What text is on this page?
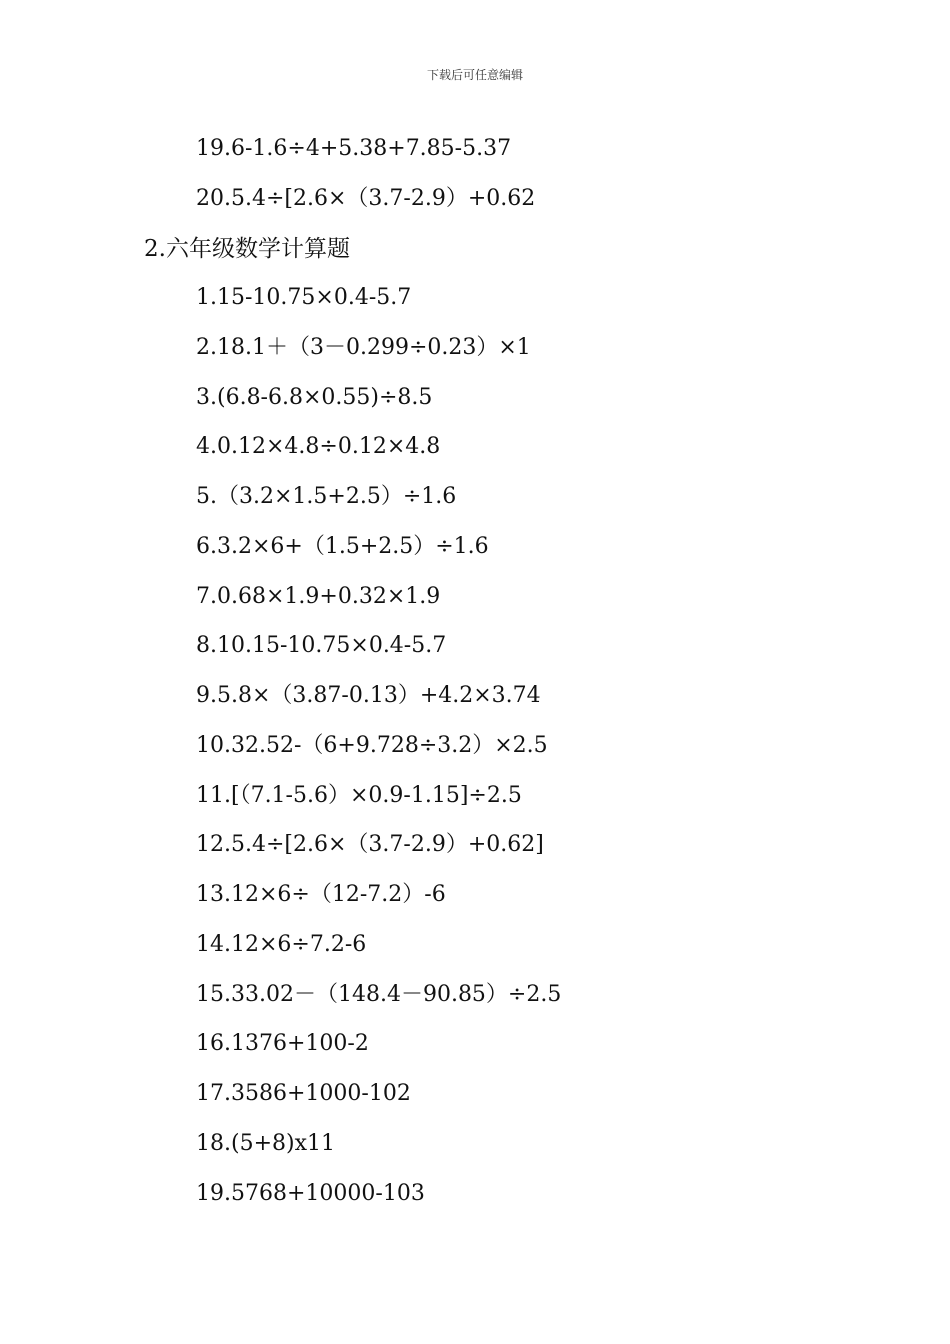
下载后可任意编辑
19.6-1.6÷4+5.38+7.85-5.37
20.5.4÷[2.6×（3.7-2.9）+0.62
2.六年级数学计算题
1.15-10.75×0.4-5.7
2.18.1＋（3－0.299÷0.23）×1
3.(6.8-6.8×0.55)÷8.5
4.0.12×4.8÷0.12×4.8
5.（3.2×1.5+2.5）÷1.6
6.3.2×6+（1.5+2.5）÷1.6
7.0.68×1.9+0.32×1.9
8.10.15-10.75×0.4-5.7
9.5.8×（3.87-0.13）+4.2×3.74
10.32.52-（6+9.728÷3.2）×2.5
11.[（7.1-5.6）×0.9-1.15]÷2.5
12.5.4÷[2.6×（3.7-2.9）+0.62]
13.12×6÷（12-7.2）-6
14.12×6÷7.2-6
15.33.02－（148.4－90.85）÷2.5
16.1376+100-2
17.3586+1000-102
18.(5+8)x11
19.5768+10000-103
